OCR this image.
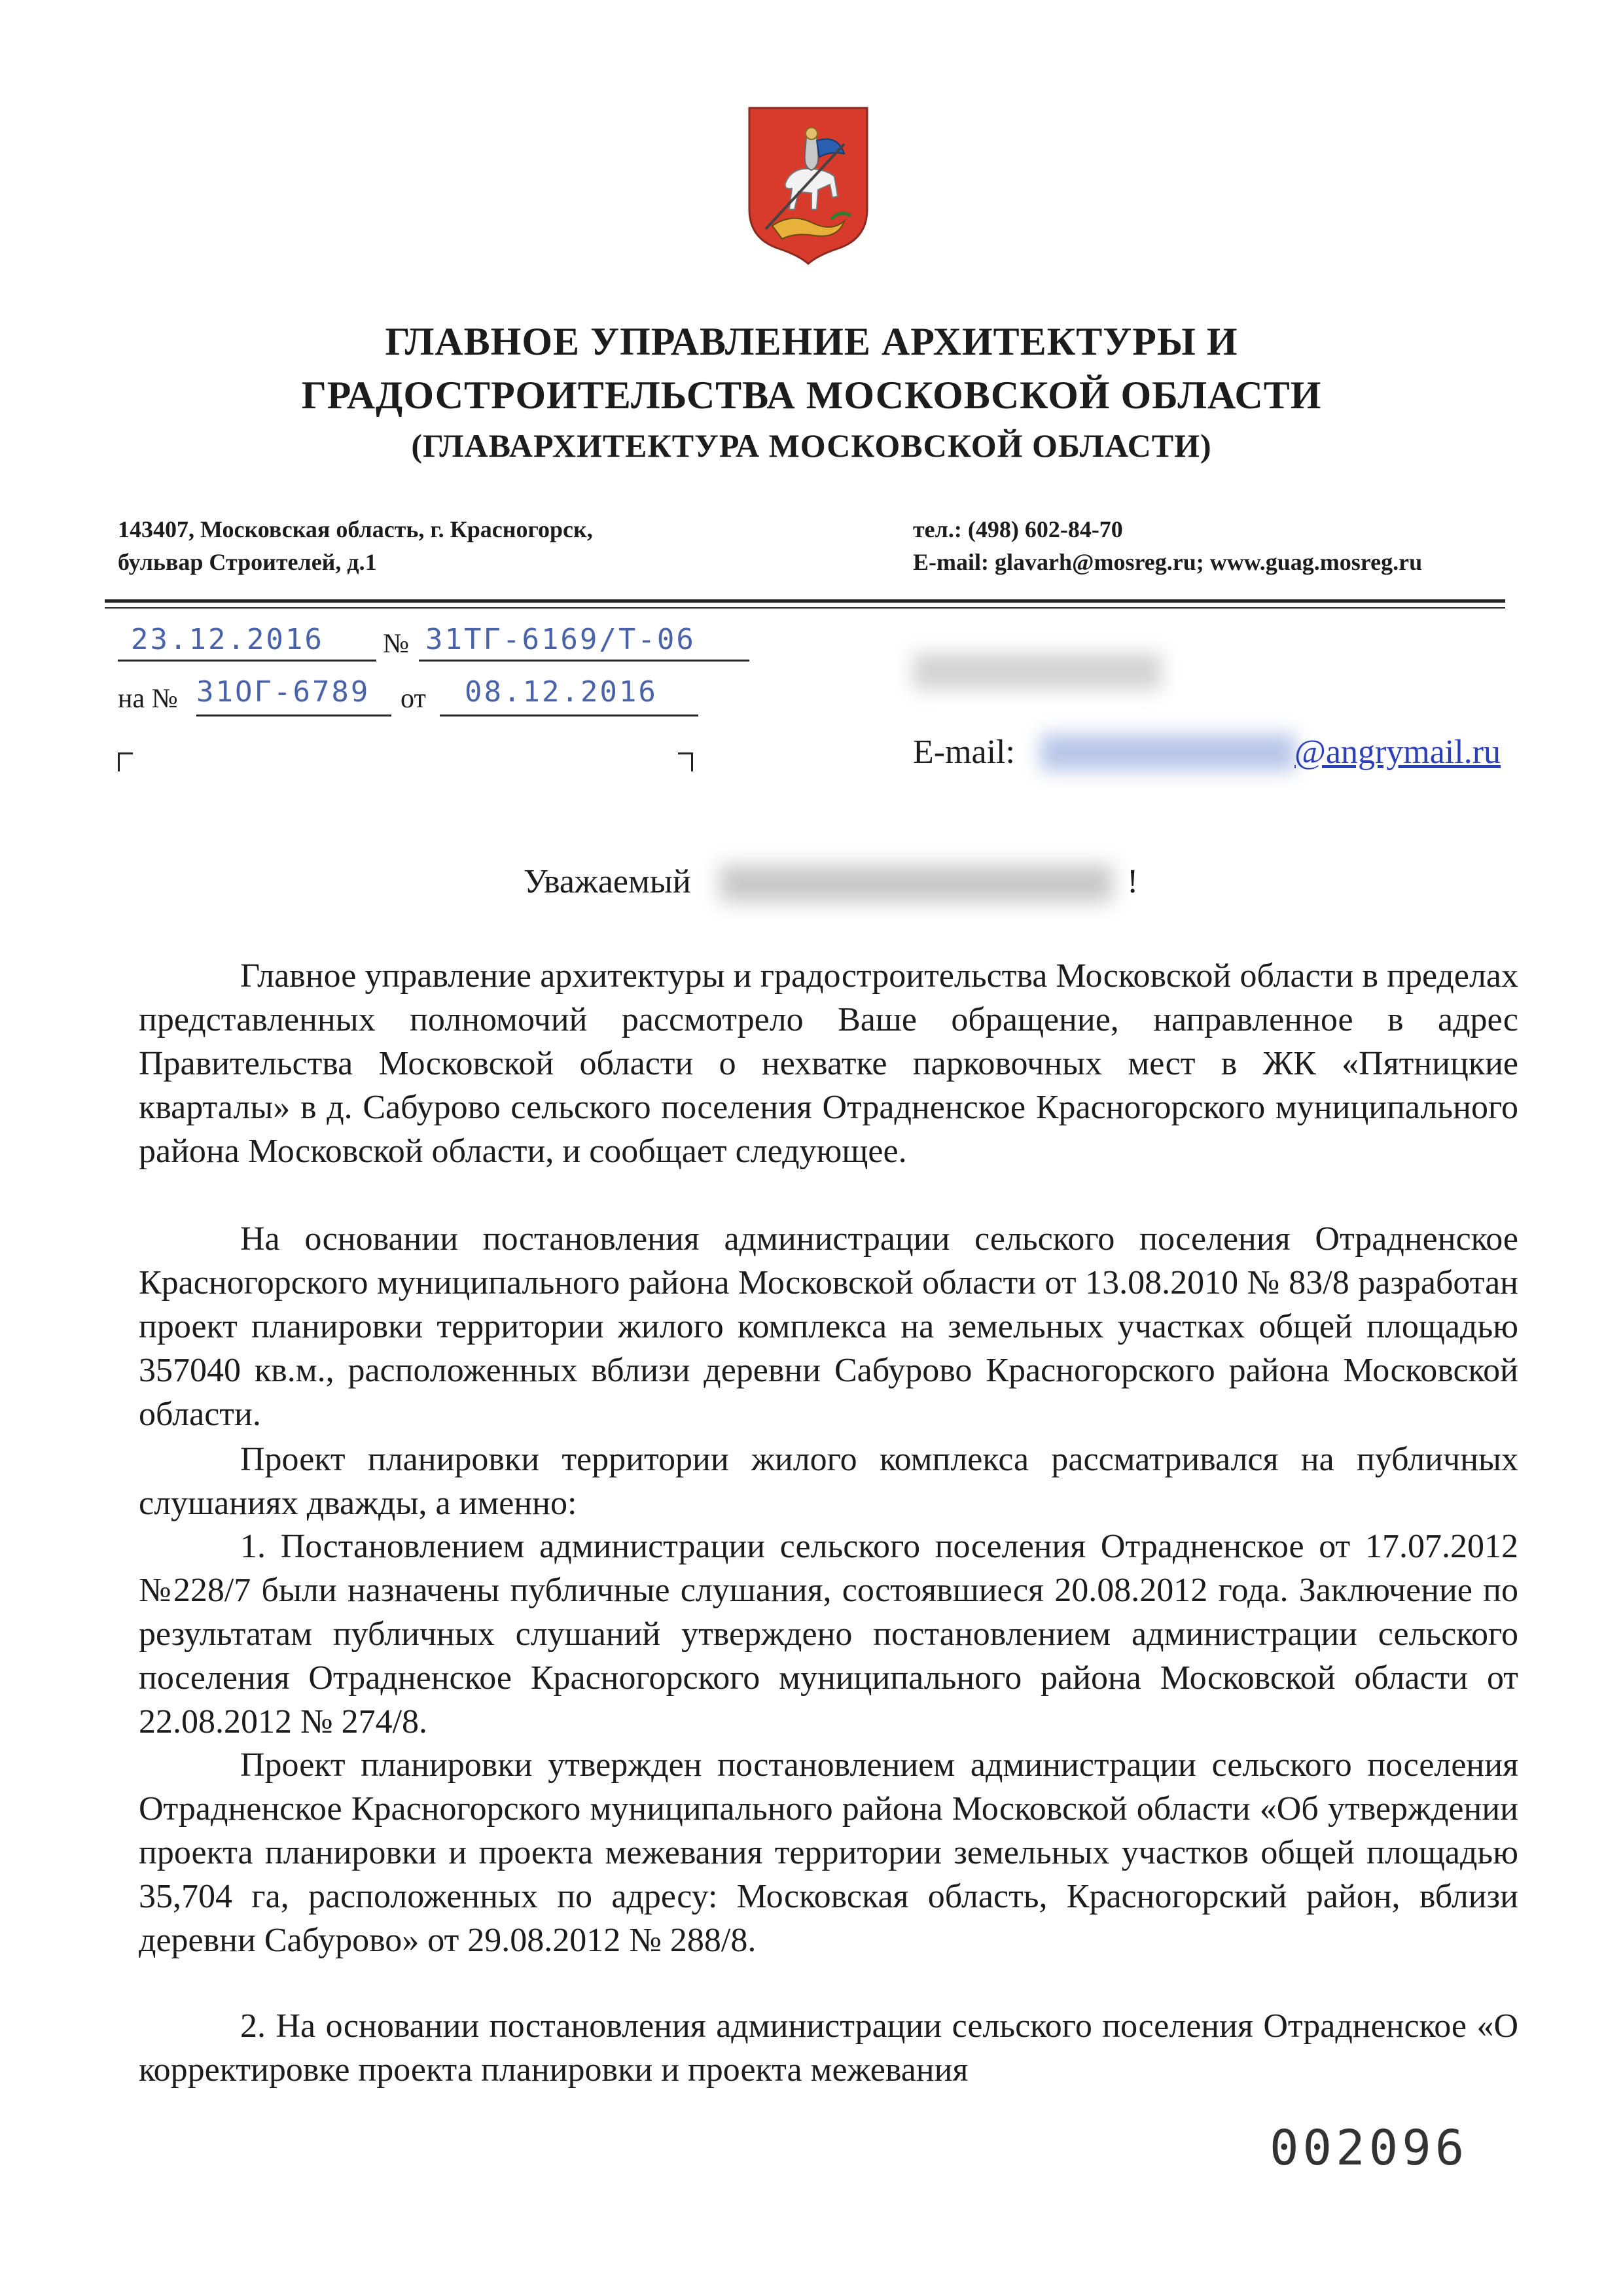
ГЛАВНОЕ УПРАВЛЕНИЕ АРХИТЕКТУРЫ И
ГРАДОСТРОИТЕЛЬСТВА МОСКОВСКОЙ ОБЛАСТИ
(ГЛАВАРХИТЕКТУРА МОСКОВСКОЙ ОБЛАСТИ)
143407, Московская область, г. Красногорск,
бульвар Строителей, д.1
тел.: (498) 602-84-70
E-mail: glavarh@mosreg.ru; www.guag.mosreg.ru
23.12.2016 № 31ТГ-6169/Т-06
на № 31ОГ-6789 от 08.12.2016
E-mail:	@angrymail.ru
Уважаемый	!
Главное управление архитектуры и градостроительства Московской области в пределах представленных полномочий рассмотрело Ваше обращение, направленное в адрес Правительства Московской области о нехватке парковочных мест в ЖК «Пятницкие кварталы» в д. Сабурово сельского поселения Отрадненское Красногорского муниципального района Московской области, и сообщает следующее.
На основании постановления администрации сельского поселения Отрадненское Красногорского муниципального района Московской области от 13.08.2010 № 83/8 разработан проект планировки территории жилого комплекса на земельных участках общей площадью 357040 кв.м., расположенных вблизи деревни Сабурово Красногорского района Московской области.
Проект планировки территории жилого комплекса рассматривался на публичных слушаниях дважды, а именно:
1. Постановлением администрации сельского поселения Отрадненское от 17.07.2012 №228/7 были назначены публичные слушания, состоявшиеся 20.08.2012 года. Заключение по результатам публичных слушаний утверждено постановлением администрации сельского поселения Отрадненское Красногорского муниципального района Московской области от 22.08.2012 № 274/8.
Проект планировки утвержден постановлением администрации сельского поселения Отрадненское Красногорского муниципального района Московской области «Об утверждении проекта планировки и проекта межевания территории земельных участков общей площадью 35,704 га, расположенных по адресу: Московская область, Красногорский район, вблизи деревни Сабурово» от 29.08.2012 № 288/8.
2. На основании постановления администрации сельского поселения Отрадненское «О корректировке проекта планировки и проекта межевания
002096
